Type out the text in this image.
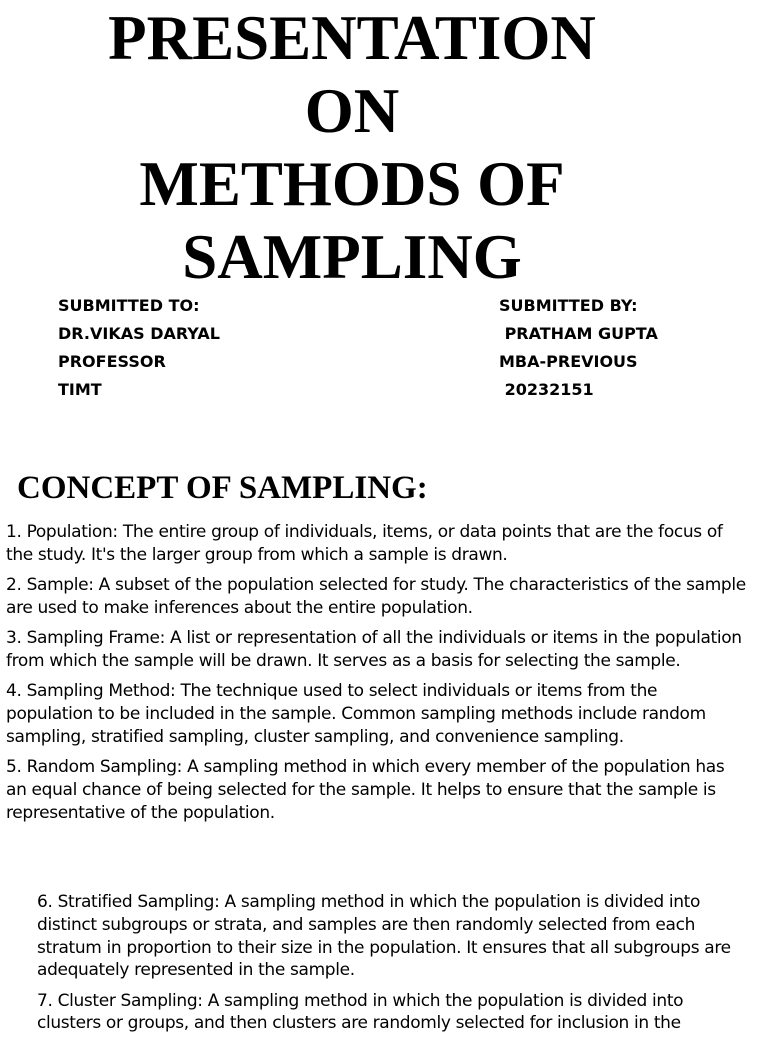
PRESENTATION
ON
METHODS OF
SAMPLING
SUBMITTED TO:
DR.VIKAS DARYAL
PROFESSOR
TIMT
SUBMITTED BY:
PRATHAM GUPTA
MBA-PREVIOUS
20232151
CONCEPT OF SAMPLING:

1. Population: The entire group of individuals, items, or data points that are the focus of the study. It's the larger group from which a sample is drawn.

2. Sample: A subset of the population selected for study. The characteristics of the sample are used to make inferences about the entire population.

3. Sampling Frame: A list or representation of all the individuals or items in the population from which the sample will be drawn. It serves as a basis for selecting the sample.

4. Sampling Method: The technique used to select individuals or items from the population to be included in the sample. Common sampling methods include random sampling, stratified sampling, cluster sampling, and convenience sampling.

5. Random Sampling: A sampling method in which every member of the population has an equal chance of being selected for the sample. It helps to ensure that the sample is representative of the population.

6. Stratified Sampling: A sampling method in which the population is divided into distinct subgroups or strata, and samples are then randomly selected from each stratum in proportion to their size in the population. It ensures that all subgroups are adequately represented in the sample.

7. Cluster Sampling: A sampling method in which the population is divided into clusters or groups, and then clusters are randomly selected for inclusion in the
